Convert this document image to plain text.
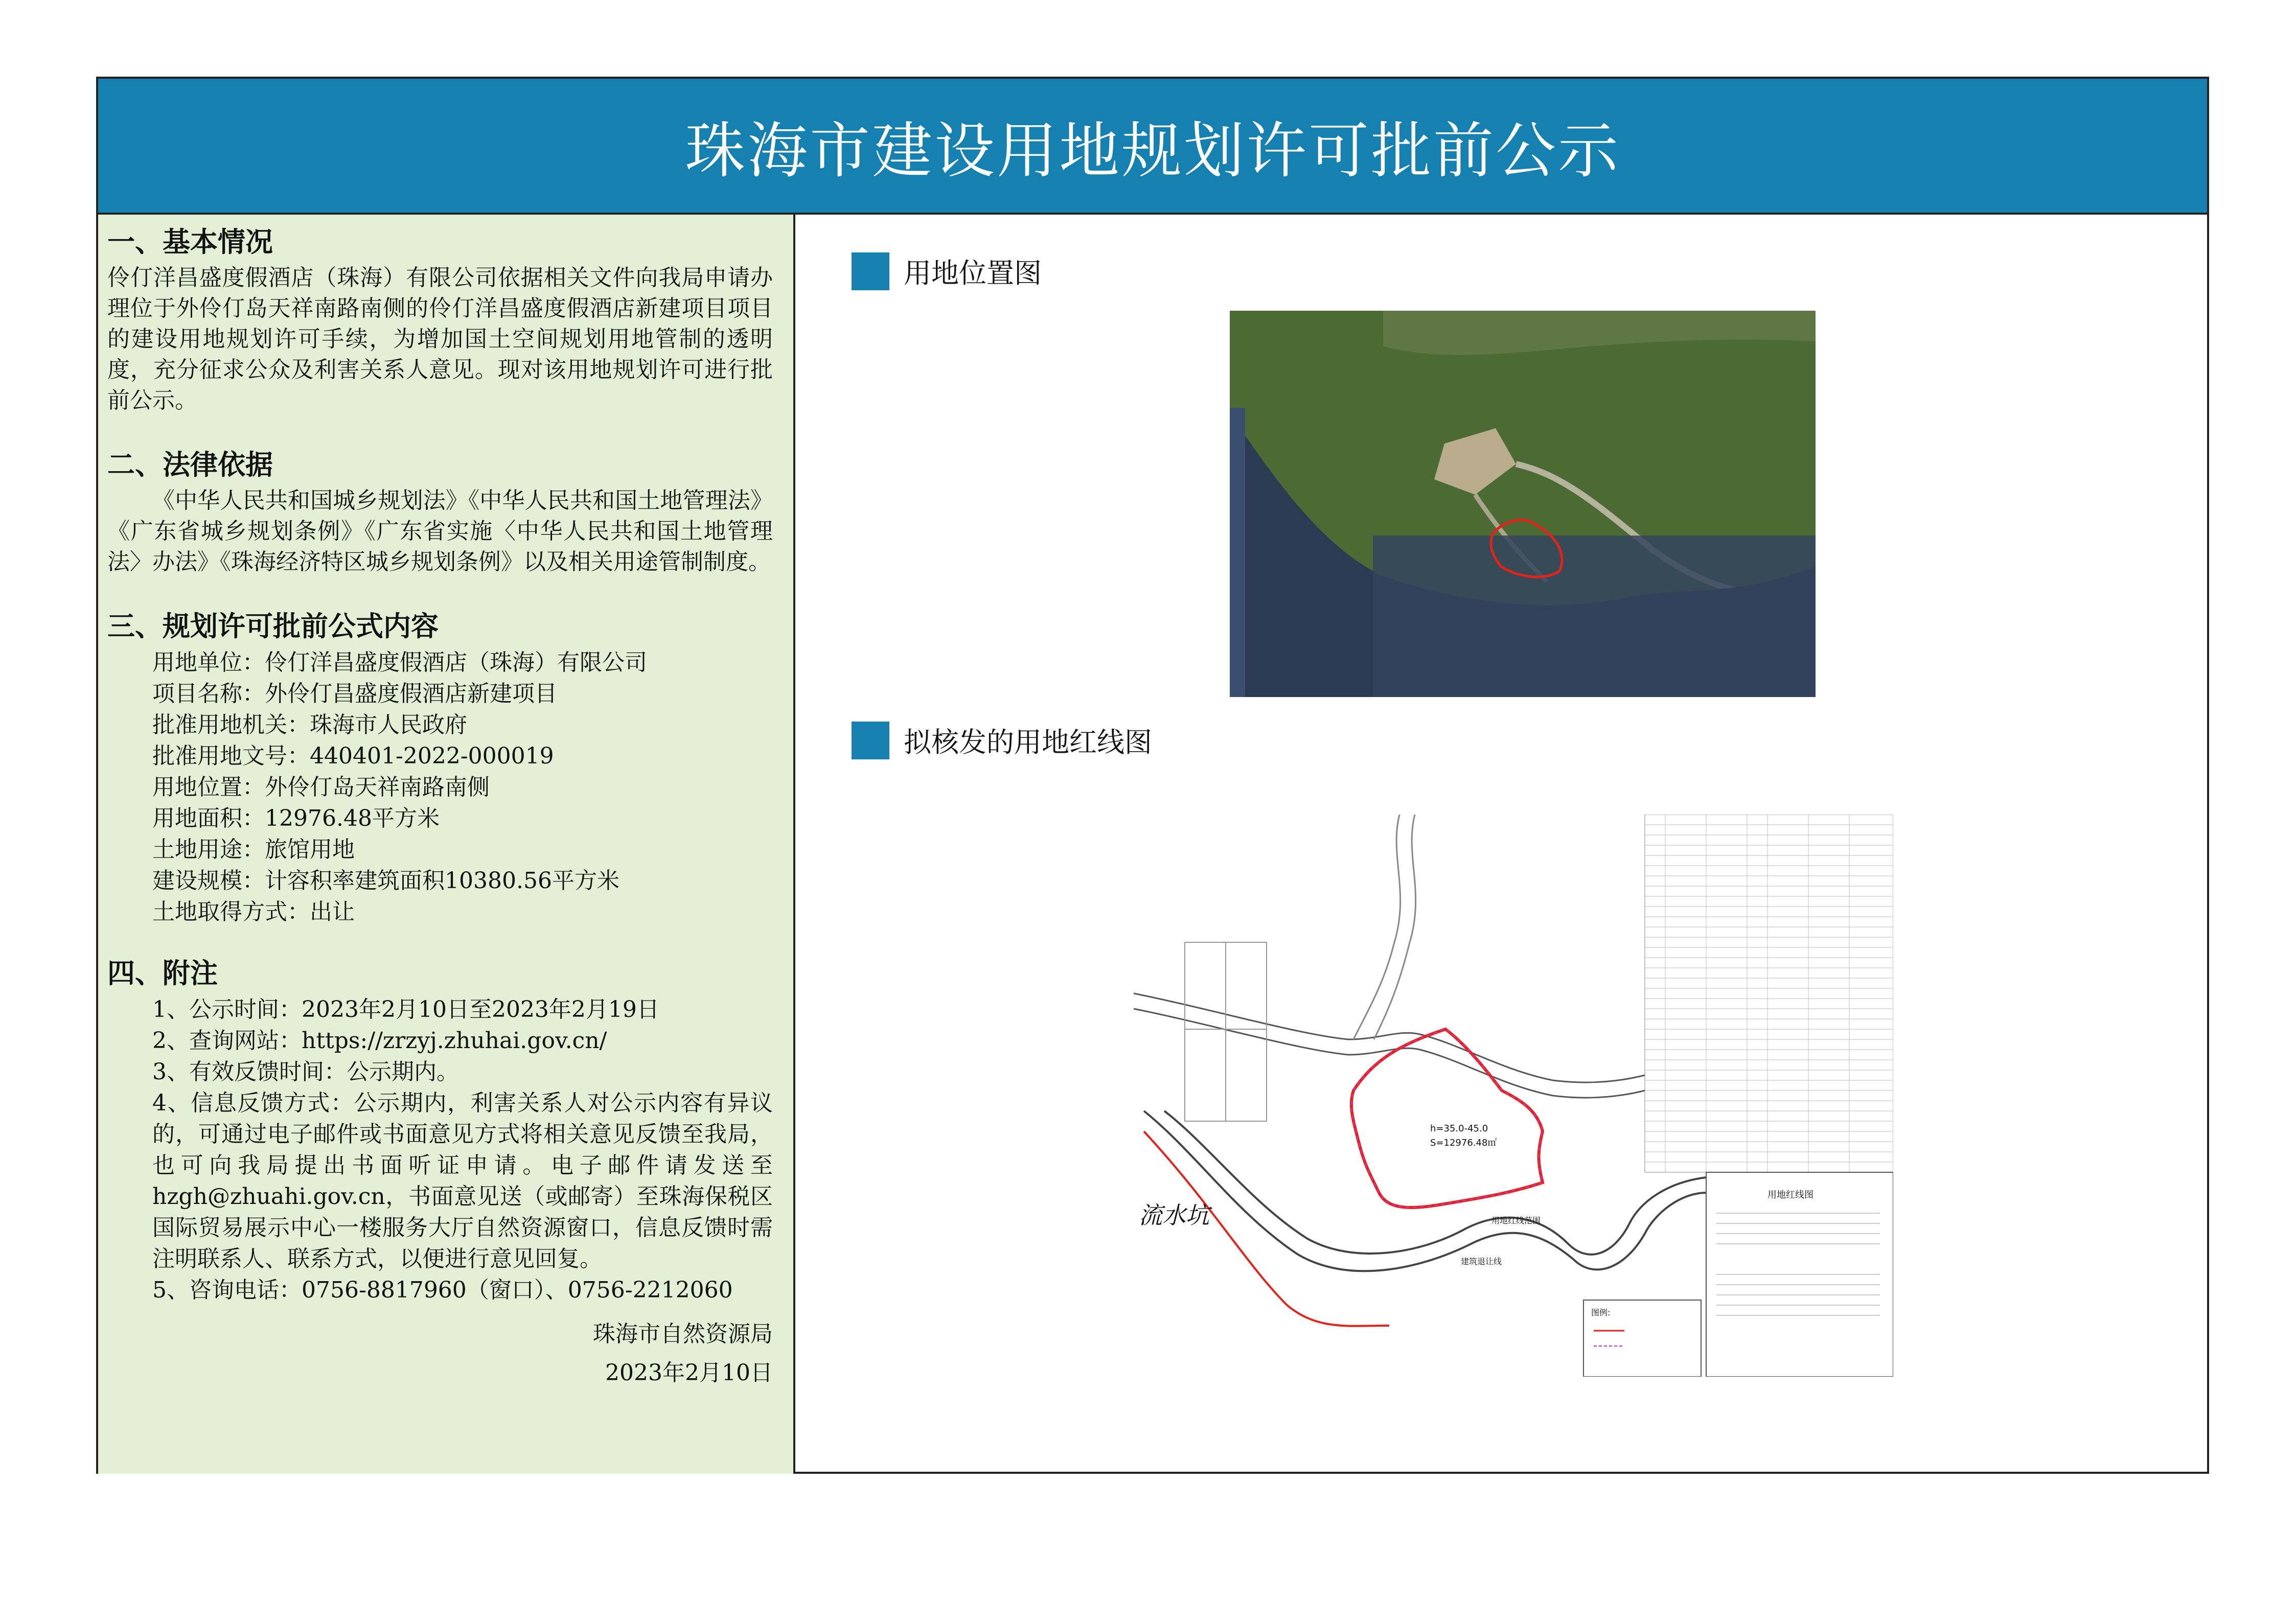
珠海市建设用地规划许可批前公示

一、基本情况

伶仃洋昌盛度假酒店（珠海）有限公司依据相关文件向我局申请办理位于外伶仃岛天祥南路南侧的伶仃洋昌盛度假酒店新建项目项目的建设用地规划许可手续，为增加国土空间规划用地管制的透明度，充分征求公众及利害关系人意见。现对该用地规划许可进行批前公示。

二、法律依据

《中华人民共和国城乡规划法》《中华人民共和国土地管理法》《广东省城乡规划条例》《广东省实施〈中华人民共和国土地管理法〉办法》《珠海经济特区城乡规划条例》以及相关用途管制制度。

三、规划许可批前公式内容

用地单位：伶仃洋昌盛度假酒店（珠海）有限公司
项目名称：外伶仃昌盛度假酒店新建项目
批准用地机关：珠海市人民政府
批准用地文号：440401-2022-000019
用地位置：外伶仃岛天祥南路南侧
用地面积：12976.48平方米
土地用途：旅馆用地
建设规模：计容积率建筑面积10380.56平方米
土地取得方式：出让

四、附注

1、公示时间：2023年2月10日至2023年2月19日
2、查询网站：https://zrzyj.zhuhai.gov.cn/
3、有效反馈时间：公示期内。
4、信息反馈方式：公示期内，利害关系人对公示内容有异议的，可通过电子邮件或书面意见方式将相关意见反馈至我局，也可向我局提出书面听证申请。电子邮件请发送至hzgh@zhuahi.gov.cn，书面意见送（或邮寄）至珠海保税区国际贸易展示中心一楼服务大厅自然资源窗口，信息反馈时需注明联系人、联系方式，以便进行意见回复。
5、咨询电话：0756-8817960（窗口）、0756-2212060
珠海市自然资源局
2023年2月10日
用地位置图
拟核发的用地红线图
h=35.0-45.0
S=12976.48㎡
流水坑	用地红线范围
建筑退让线
用地红线图
图例:
